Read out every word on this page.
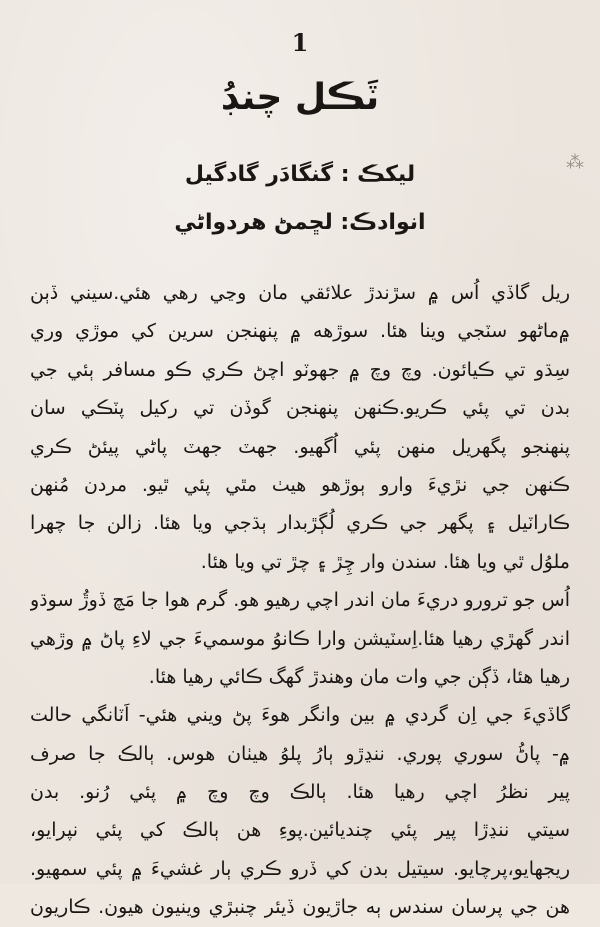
1
ٽَڪل چنڊُ
ليکڪ : گنگادَر گادگيل
انوادڪ: لڇمڻ هردواڻي
⁂
ريل گاڏي اُس ۾ سڙندڙ علائقي مان وڃي رهي هئي.سيني ڏٻن
۾ماڻهو سٽجي وينا هئا. سوڙهه ۾ پنهنجن سرين کي موڙي وري
سِڌو تي ڪيائون. وچ وچ ۾ جهوٽو اچڻ ڪري ڪو مسافر ٻئي جي
بدن تي پئي ڪريو.ڪنهن پنهنجن گوڏن تي رکيل پٽڪي سان
پنهنجو پگهريل منهن پئي اُگهيو. جهٽ جهٽ پاڻي پيئڻ ڪري
ڪنهن جي نڙيءَ وارو ٻوڙهو هيٺ مٿي پئي ٿيو. مردن مُنهن
ڪاراٽيل ۽ پگهر جي ڪري لُڳڙبدار ٻڌجي ويا هئا. زالن جا چهرا
ملوُل ٿي ويا هئا. سندن وار چِڙ ۽ چڙ تي ويا هئا.
اُس جو ترورو دريءَ مان اندر اچي رهيو هو. گرم هوا جا مَچ ڏوڙُ سوڌو
اندر گهڙي رهيا هئا.اِسٽيشن وارا ڪانوُ موسميءَ جي لاءِ پاڻ ۾ وڙهي
رهيا هئا، ڏڳن جي وات مان وهندڙ گهگ ڪائي رهيا هئا.
گاڏيءَ جي اِن گردي ۾ بين وانگر هوءَ پڻ ويني هئي- اَٽانگي حالت
۾- پاڻُ سوري پوري. ننڍڙو ٻارُ پلوُ هيٺان هوس. ٻالڪ جا صرف
پير نظرُ اچي رهيا هئا. ٻالڪ وچ وچ ۾ پئي رُنو. بدن
سيتي ننڍڙا پير پئي چنديائين.پوءِ هن ٻالڪ کي پئي نپرايو،
ريجهايو،پرچايو. سيتيل بدن کي ڏرو ڪري ٻار غشيءَ ۾ پئي سمهيو.
هن جي پرسان سندس ٻه جاڙيون ڏيئر چنبڙي وينيون هيون. ڪاريون
